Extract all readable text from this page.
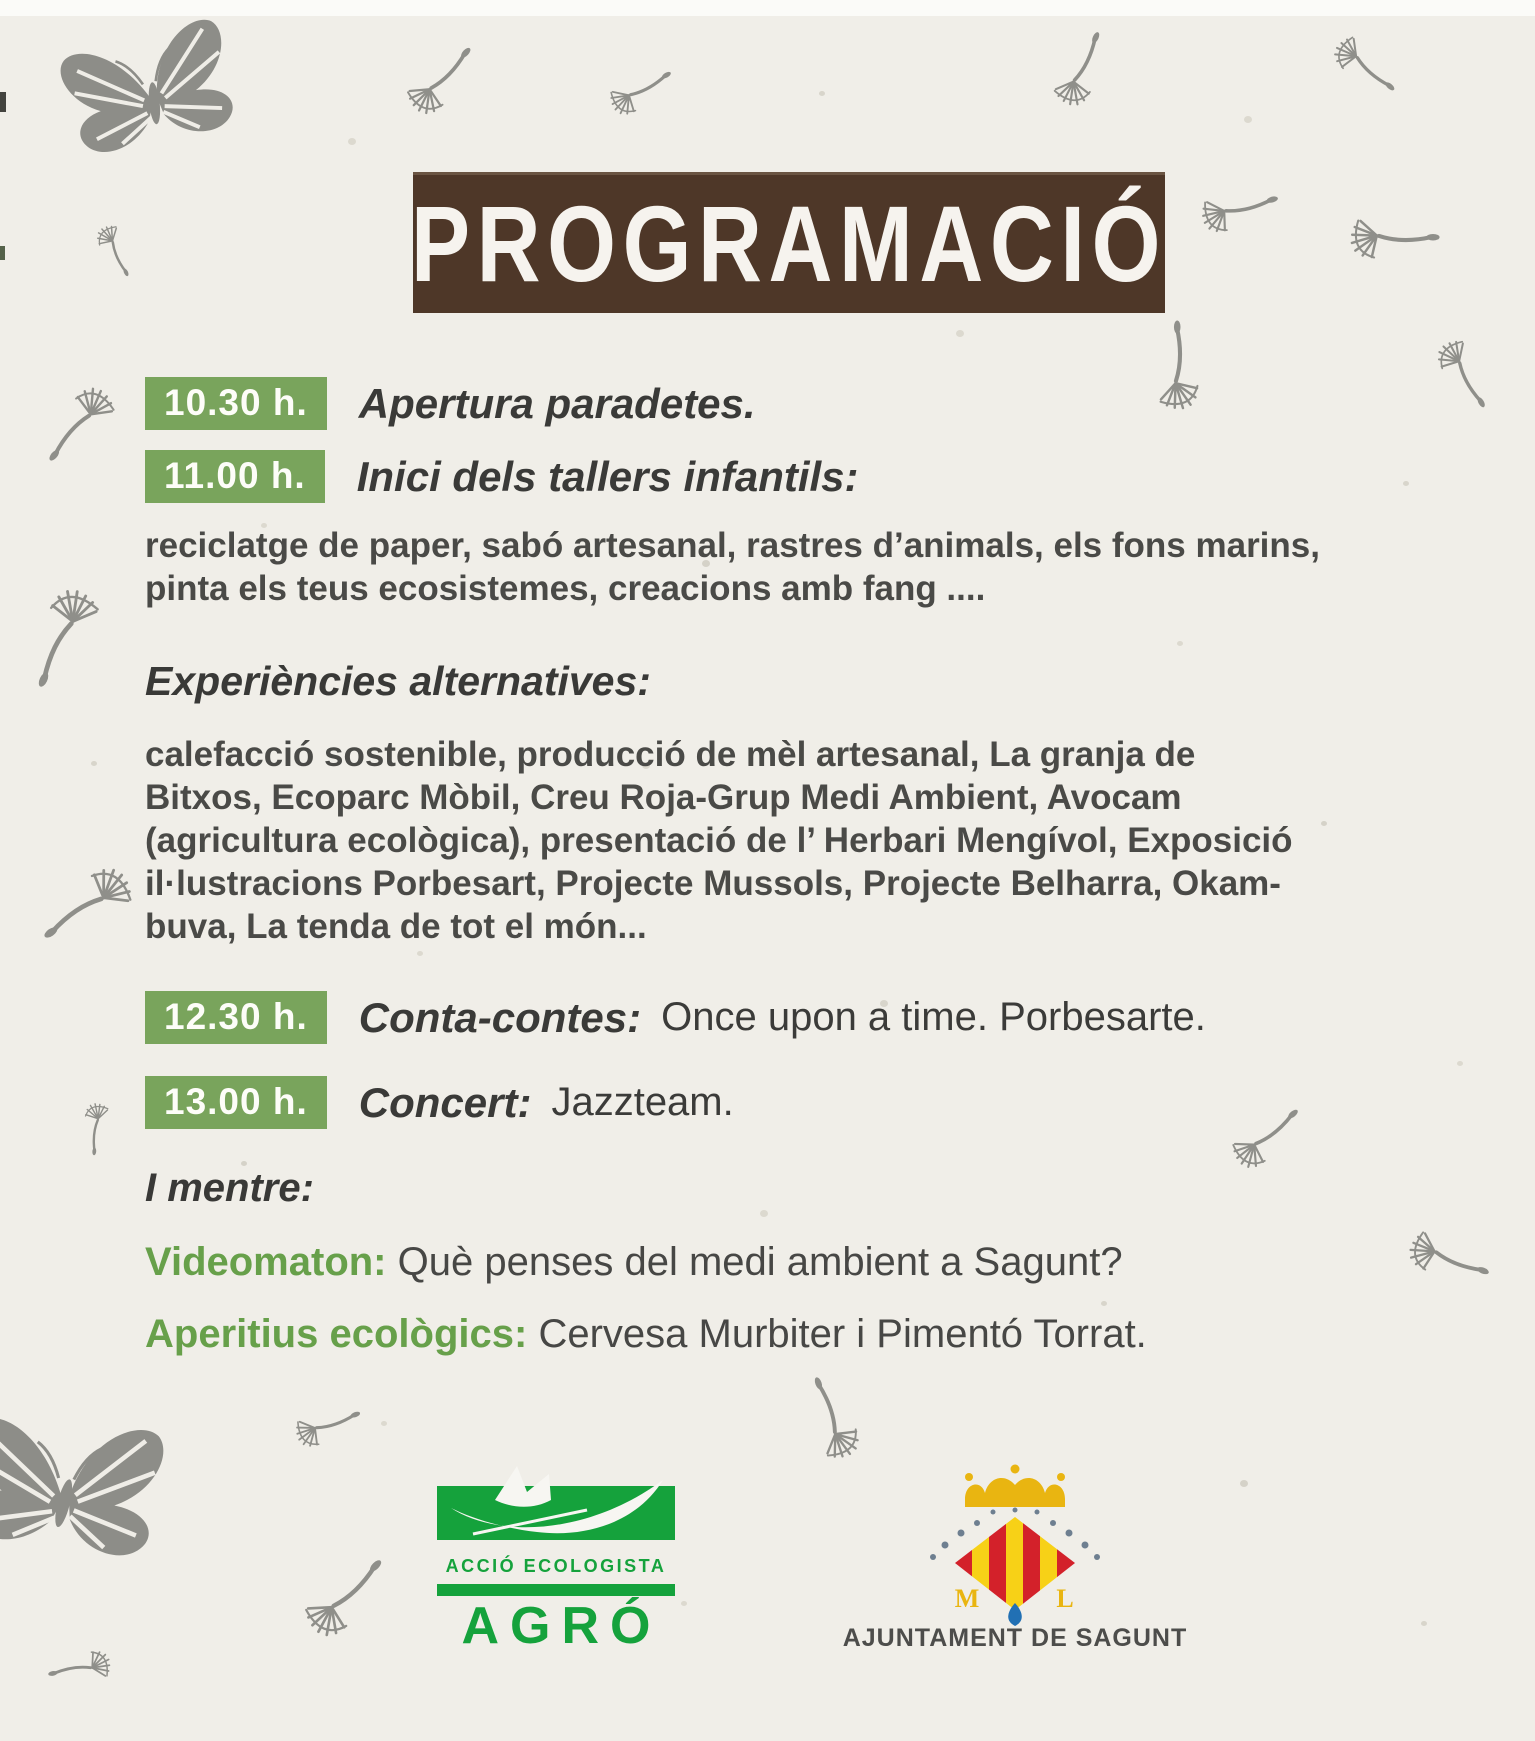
PROGRAMACIÓ
10.30 h.	Apertura paradetes.
11.00 h.	Inici dels tallers infantils:
reciclatge de paper, sabó artesanal, rastres d’animals, els fons marins,
pinta els teus ecosistemes, creacions amb fang ....
Experiències alternatives:
calefacció sostenible, producció de mèl artesanal, La granja de
Bitxos, Ecoparc Mòbil, Creu Roja-Grup Medi Ambient, Avocam
(agricultura ecològica), presentació de l’ Herbari Mengívol, Exposició
il·lustracions Porbesart, Projecte Mussols, Projecte Belharra, Okam-
buva, La tenda de tot el món...
12.30 h.	Conta-contes: Once upon a time. Porbesarte.
13.00 h.	Concert: Jazzteam.
I mentre:
Videomaton: Què penses del medi ambient a Sagunt?
Aperitius ecològics: Cervesa Murbiter i Pimentó Torrat.
ACCIÓ ECOLOGISTA
AGRÓ	M	L
AJUNTAMENT DE SAGUNT
